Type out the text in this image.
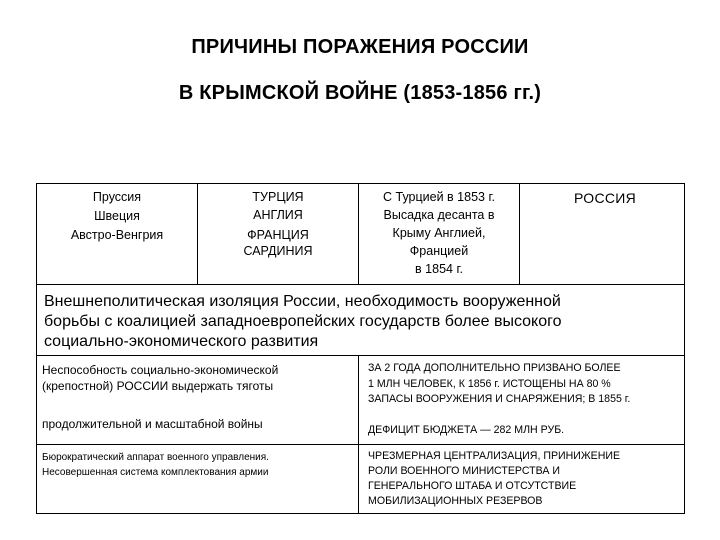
ПРИЧИНЫ ПОРАЖЕНИЯ РОССИИ
В КРЫМСКОЙ ВОЙНЕ (1853-1856 гг.)
Пруссия
Швеция
Австро-Венгрия
ТУРЦИЯ
АНГЛИЯ
ФРАНЦИЯ
САРДИНИЯ
С Турцией в 1853 г.
Высадка десанта в
Крыму Англией,
Францией
в 1854 г.
РОССИЯ
Внешнеполитическая изоляция России, необходимость вооруженной
борьбы с коалицией западноевропейских государств более высокого
социально-экономического развития
Неспособность социально-экономической
(крепостной) РОССИИ выдержать тяготы
продолжительной и масштабной войны
ЗА 2 ГОДА ДОПОЛНИТЕЛЬНО ПРИЗВАНО БОЛЕЕ
1 МЛН ЧЕЛОВЕК, К 1856 г. ИСТОЩЕНЫ НА 80 %
ЗАПАСЫ ВООРУЖЕНИЯ И СНАРЯЖЕНИЯ; В 1855 г.
ДЕФИЦИТ БЮДЖЕТА — 282 МЛН РУБ.
Бюрократический аппарат военного управления.
Несовершенная система комплектования армии
ЧРЕЗМЕРНАЯ ЦЕНТРАЛИЗАЦИЯ, ПРИНИЖЕНИЕ
РОЛИ ВОЕННОГО МИНИСТЕРСТВА И
ГЕНЕРАЛЬНОГО ШТАБА И ОТСУТСТВИЕ
МОБИЛИЗАЦИОННЫХ РЕЗЕРВОВ
